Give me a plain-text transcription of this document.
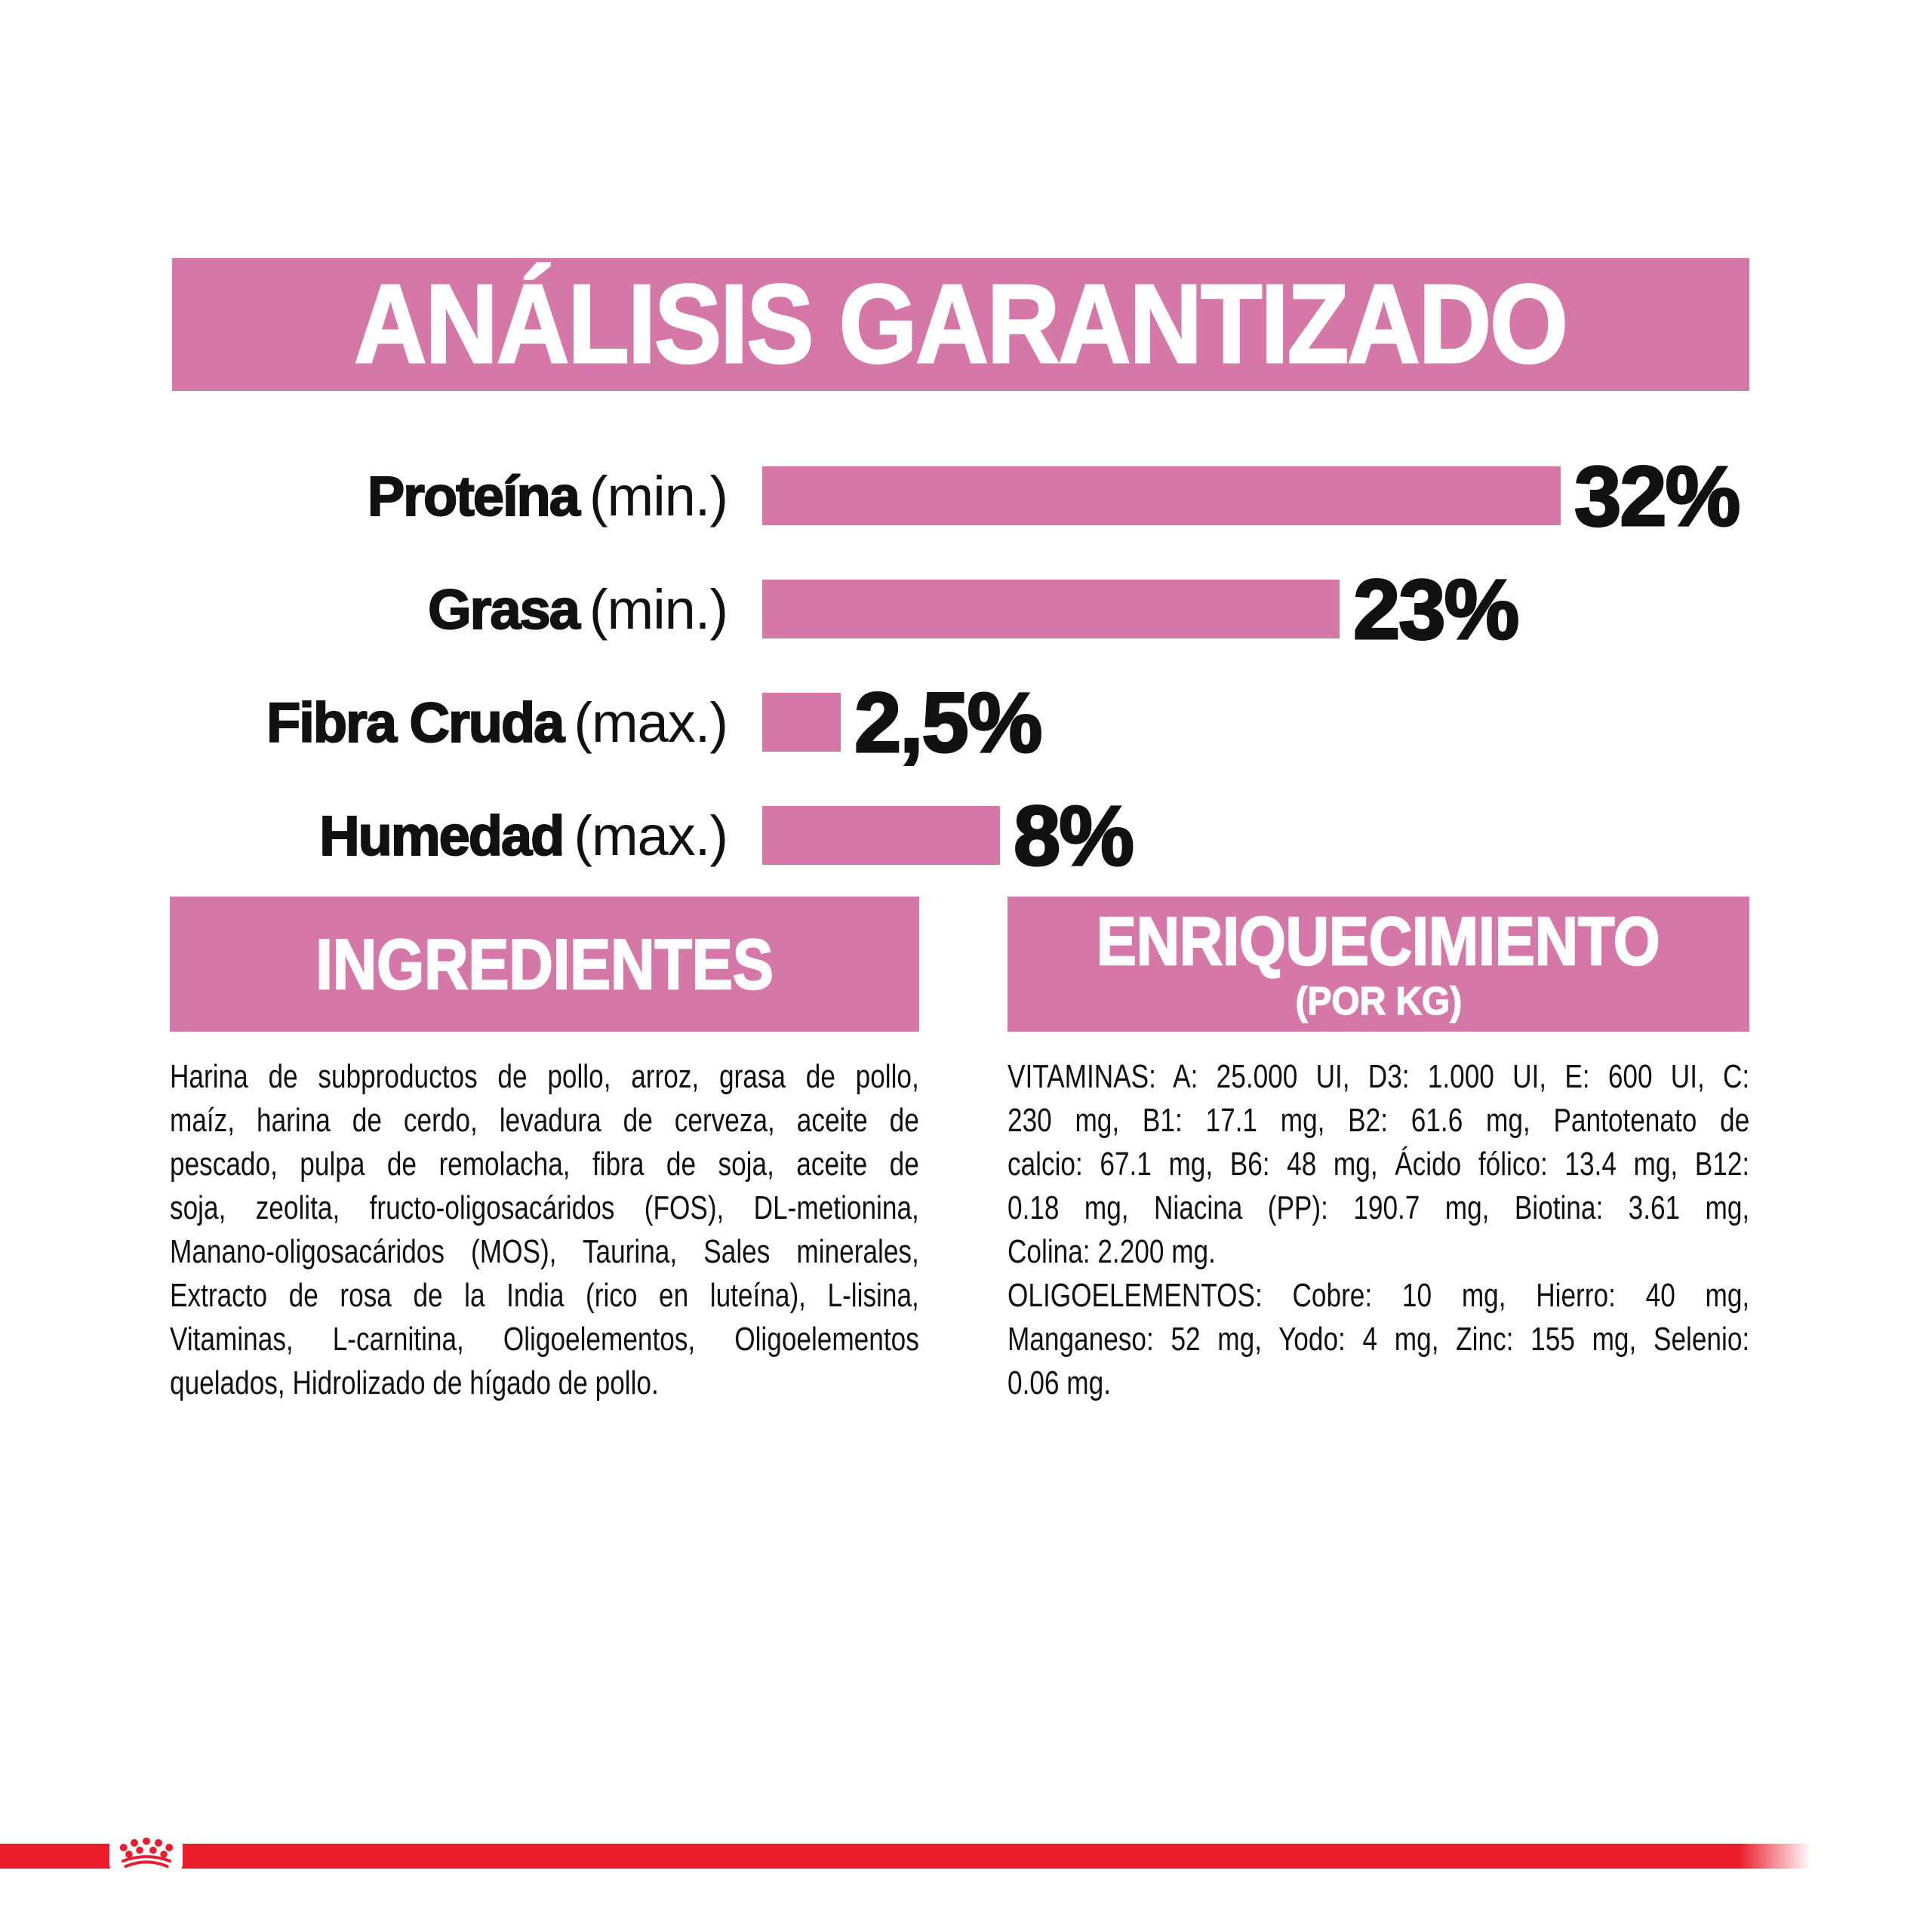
ANÁLISIS GARANTIZADO
Proteína (min.)	32%
Grasa (min.)	23%
Fibra Cruda (max.) 2,5%
Humedad (max.)	8%
INGREDIENTES
Harina de subproductos de pollo, arroz, grasa de pollo,
maíz, harina de cerdo, levadura de cerveza, aceite de
pescado, pulpa de remolacha, fibra de soja, aceite de
soja, zeolita, fructo-oligosacáridos (FOS), DL-metionina,
Manano-oligosacáridos (MOS), Taurina, Sales minerales,
Extracto de rosa de la India (rico en luteína), L-lisina,
Vitaminas, L-carnitina, Oligoelementos, Oligoelementos
quelados, Hidrolizado de hígado de pollo.
ENRIQUECIMIENTO
(POR KG)
VITAMINAS: A: 25.000 UI, D3: 1.000 UI, E: 600 UI, C:
230 mg, B1: 17.1 mg, B2: 61.6 mg, Pantotenato de
calcio: 67.1 mg, B6: 48 mg, Ácido fólico: 13.4 mg, B12:
0.18 mg, Niacina (PP): 190.7 mg, Biotina: 3.61 mg,
Colina: 2.200 mg.
OLIGOELEMENTOS: Cobre: 10 mg, Hierro: 40 mg,
Manganeso: 52 mg, Yodo: 4 mg, Zinc: 155 mg, Selenio:
0.06 mg.
